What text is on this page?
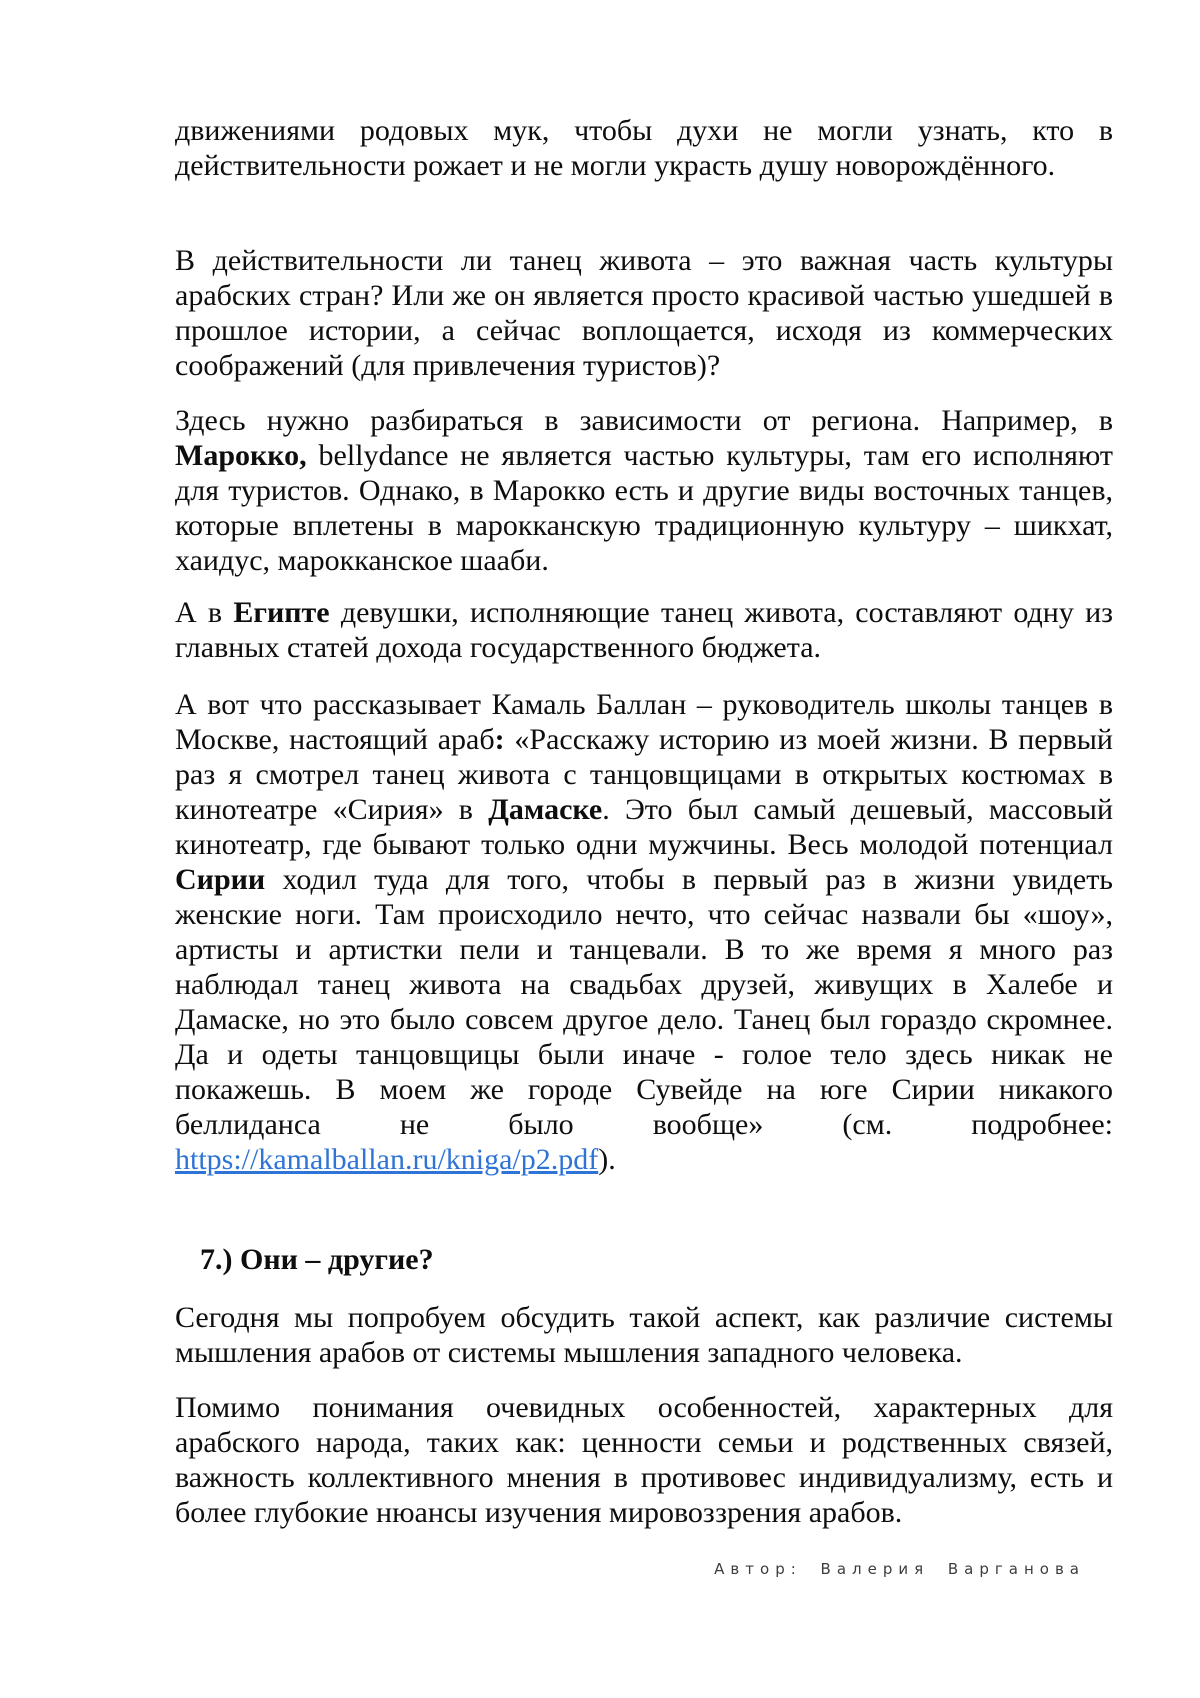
движениями родовых мук, чтобы духи не могли узнать, кто в действительности рожает и не могли украсть душу новорождённого.

В действительности ли танец живота – это важная часть культуры арабских стран? Или же он является просто красивой частью ушедшей в прошлое истории, а сейчас воплощается, исходя из коммерческих соображений (для привлечения туристов)?

Здесь нужно разбираться в зависимости от региона. Например, в Марокко, bellydance не является частью культуры, там его исполняют для туристов. Однако, в Марокко есть и другие виды восточных танцев, которые вплетены в марокканскую традиционную культуру – шикхат, хаидус, марокканское шааби.

А в Египте девушки, исполняющие танец живота, составляют одну из главных статей дохода государственного бюджета.

А вот что рассказывает Камаль Баллан – руководитель школы танцев в Москве, настоящий араб: «Расскажу историю из моей жизни. В первый раз я смотрел танец живота с танцовщицами в открытых костюмах в кинотеатре «Сирия» в Дамаске. Это был самый дешевый, массовый кинотеатр, где бывают только одни мужчины. Весь молодой потенциал Сирии ходил туда для того, чтобы в первый раз в жизни увидеть женские ноги. Там происходило нечто, что сейчас назвали бы «шоу», артисты и артистки пели и танцевали. В то же время я много раз наблюдал танец живота на свадьбах друзей, живущих в Халебе и Дамаске, но это было совсем другое дело. Танец был гораздо скромнее. Да и одеты танцовщицы были иначе - голое тело здесь никак не покажешь. В моем же городе Сувейде на юге Сирии никакого беллиданса не было вообще» (см. подробнее: https://kamalballan.ru/kniga/p2.pdf).

7.) Они – другие?

Сегодня мы попробуем обсудить такой аспект, как различие системы мышления арабов от системы мышления западного человека.

Помимо понимания очевидных особенностей, характерных для арабского народа, таких как: ценности семьи и родственных связей, важность коллективного мнения в противовес индивидуализму, есть и более глубокие нюансы изучения мировоззрения арабов.

Автор: Валерия Варганова
